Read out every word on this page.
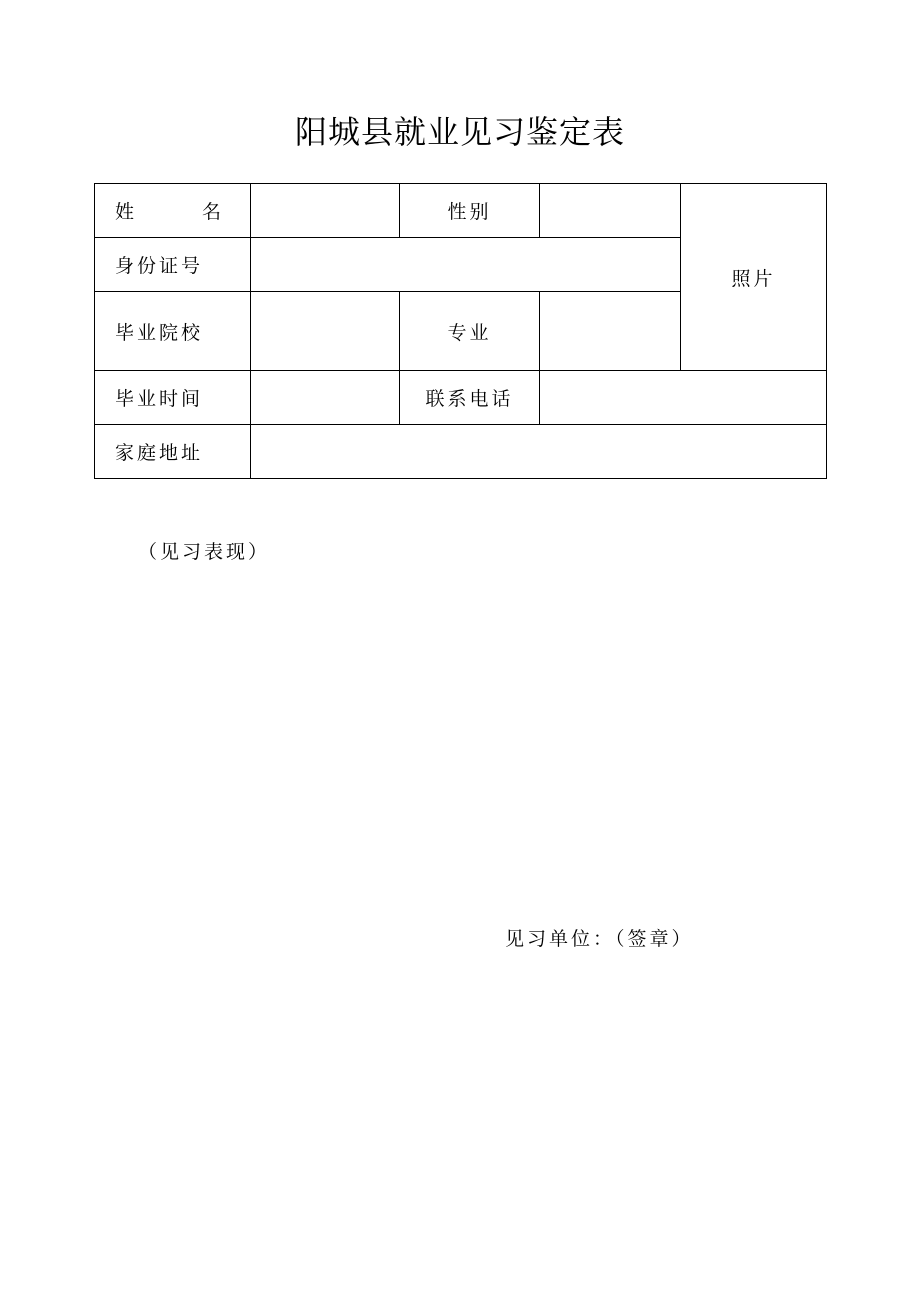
阳城县就业见习鉴定表
姓 名		性别		照片
身份证号				
毕业院校		专业		
毕业时间		联系电话		
家庭地址				
（见习表现）
见习单位：（签章）
